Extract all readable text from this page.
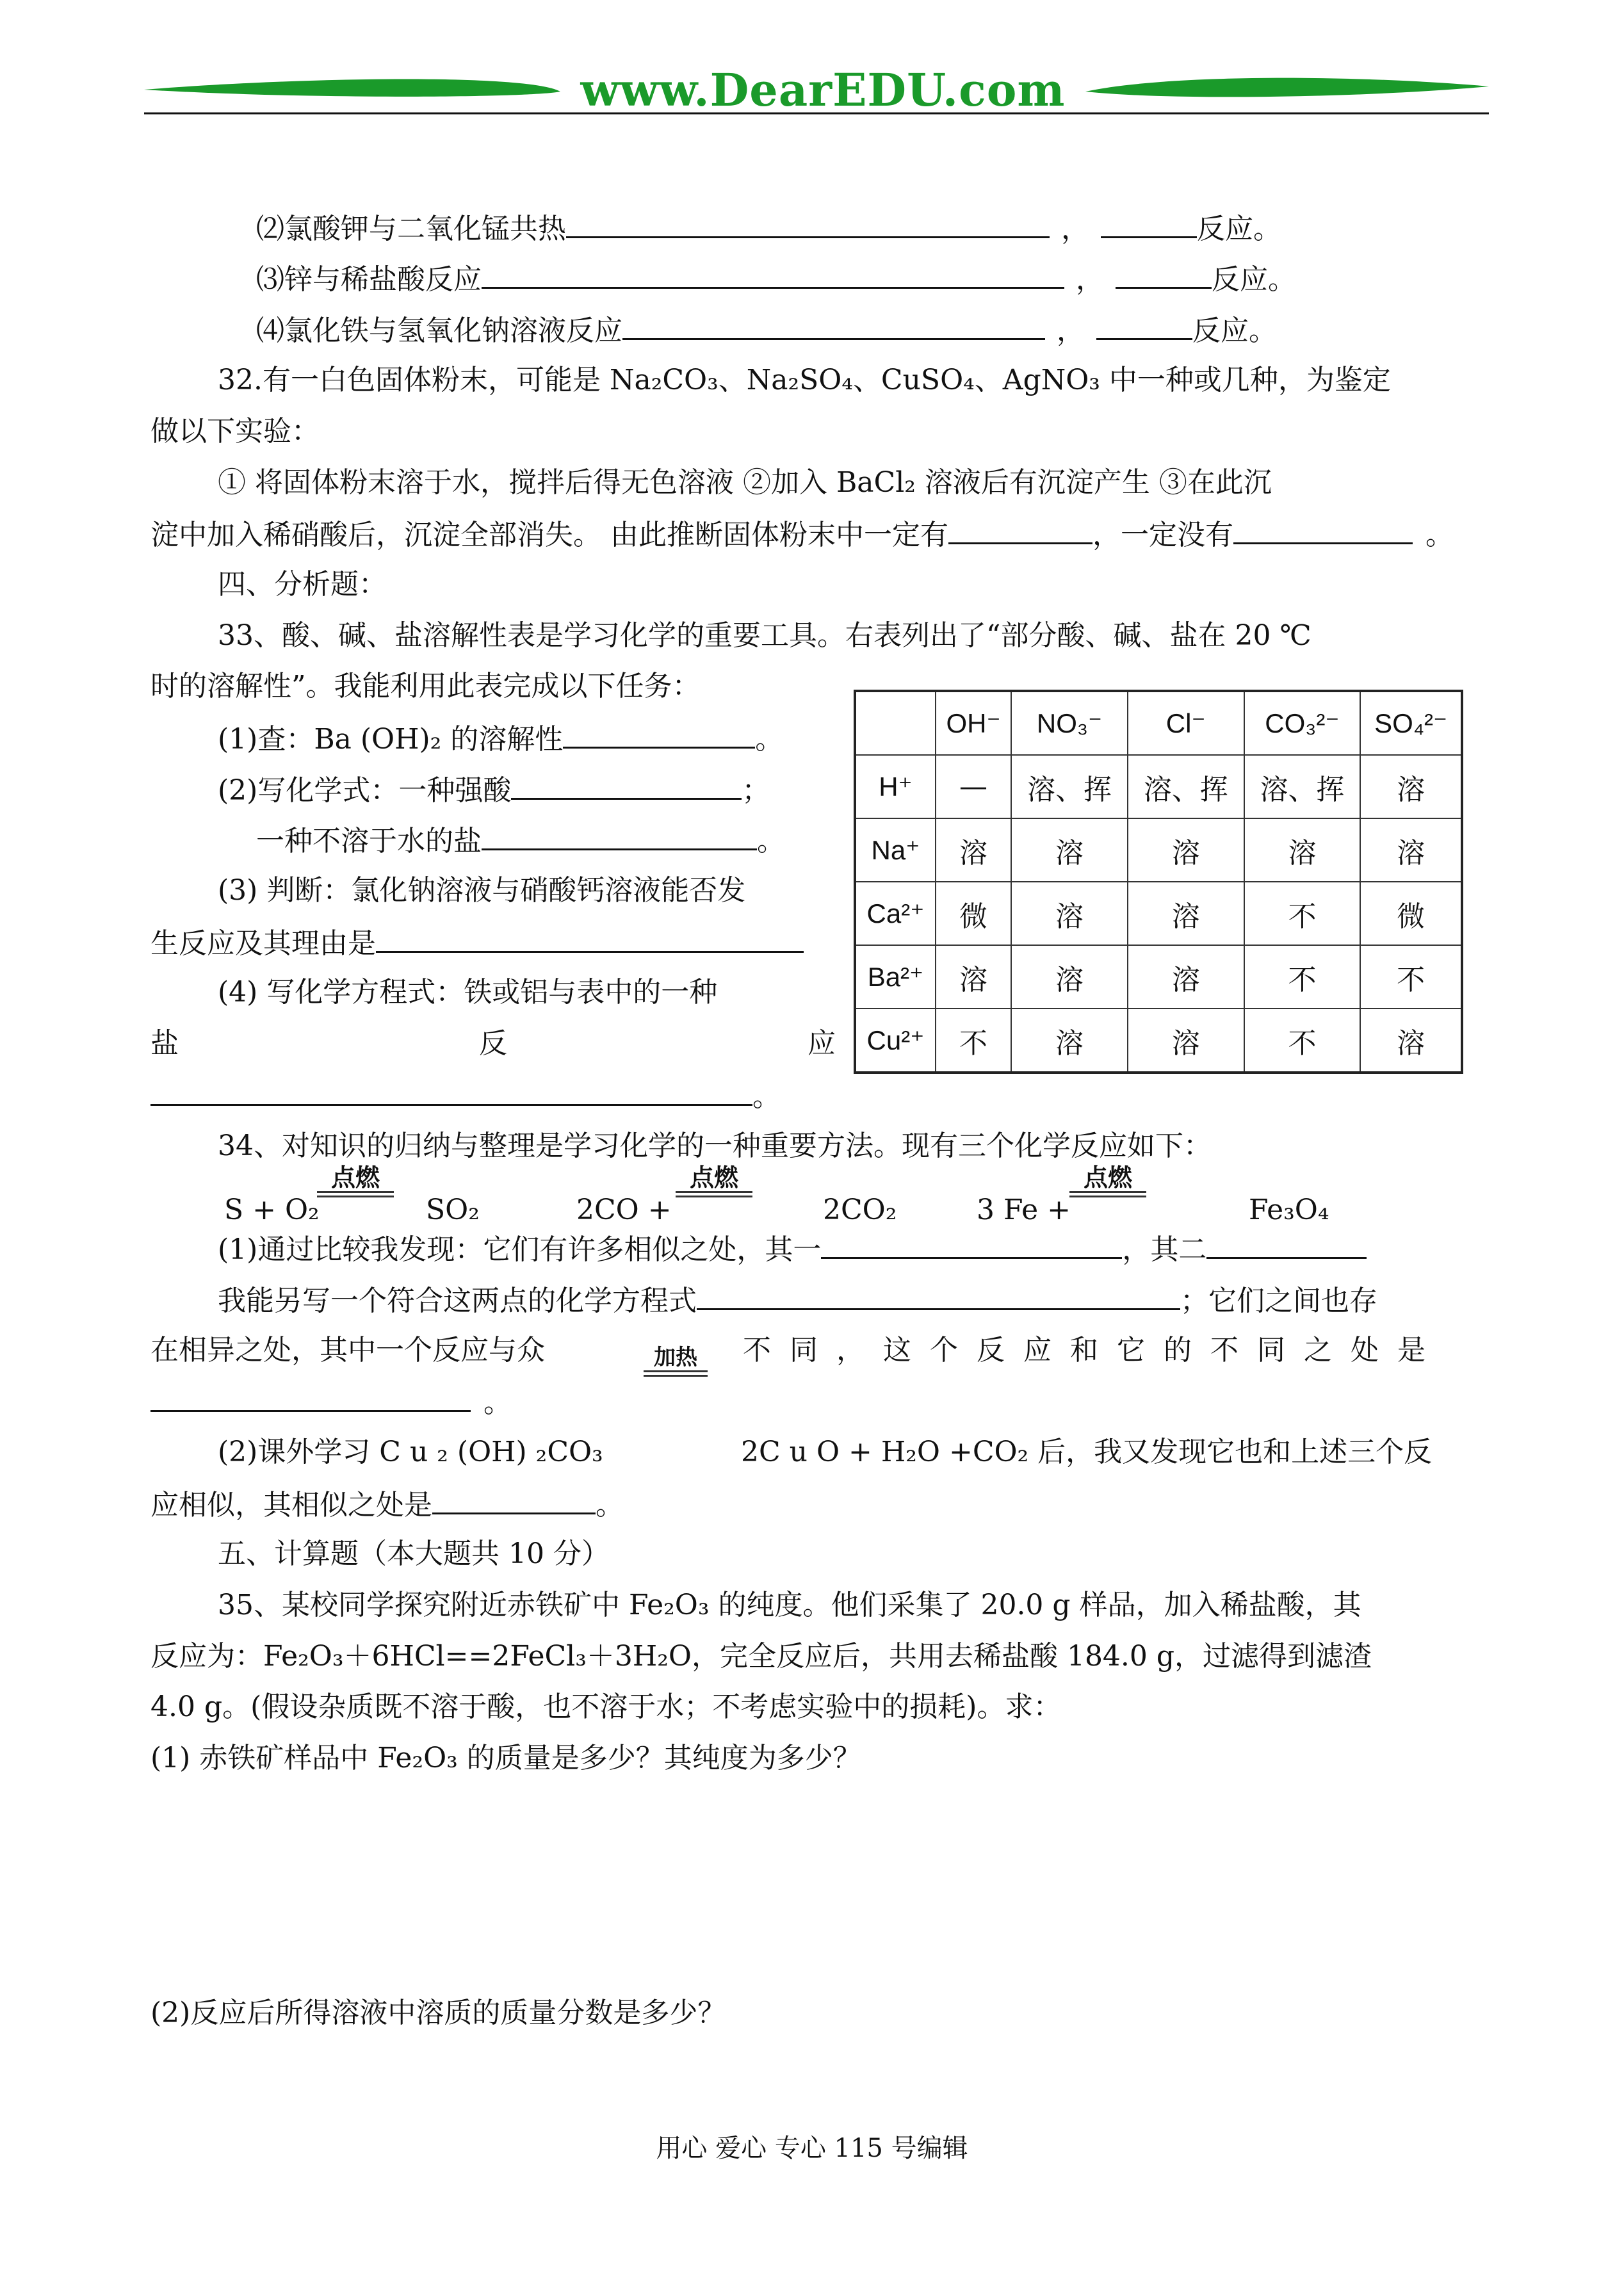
www.DearEDU.com
⑵氯酸钾与二氧化锰共热	，	反应。
⑶锌与稀盐酸反应	，	反应。
⑷氯化铁与氢氧化钠溶液反应	，	反应。
32.有一白色固体粉末，可能是 Na₂CO₃、Na₂SO₄、CuSO₄、AgNO₃ 中一种或几种，为鉴定
做以下实验：
① 将固体粉末溶于水，搅拌后得无色溶液 ②加入 BaCl₂ 溶液后有沉淀产生 ③在此沉
淀中加入稀硝酸后，沉淀全部消失。 由此推断固体粉末中一定有	，一定没有	。
四、分析题：
33、酸、碱、盐溶解性表是学习化学的重要工具。右表列出了“部分酸、碱、盐在 20 ℃
时的溶解性”。我能利用此表完成以下任务：
(1)查：Ba (OH)₂ 的溶解性	。
(2)写化学式：一种强酸	；
一种不溶于水的盐	。
(3) 判断：氯化钠溶液与硝酸钙溶液能否发
生反应及其理由是
(4) 写化学方程式：铁或铝与表中的一种
盐	反	应
。
	OH⁻	NO₃⁻	Cl⁻	CO₃²⁻	SO₄²⁻
H⁺	—	溶、挥	溶、挥	溶、挥	溶
Na⁺	溶	溶	溶	溶	溶
Ca²⁺	微	溶	溶	不	微
Ba²⁺	溶	溶	溶	不	不
Cu²⁺	不	溶	溶	不	溶
34、对知识的归纳与整理是学习化学的一种重要方法。现有三个化学反应如下：
S + O₂
点燃
SO₂	2CO +
点燃
2CO₂	3 Fe +
点燃
Fe₃O₄
(1)通过比较我发现：它们有许多相似之处，其一	，其二
我能另写一个符合这两点的化学方程式	；它们之间也存
在相异之处，其中一个反应与众	加热	不同，这个反应和它的不同之处是
。
(2)课外学习 C u ₂ (OH) ₂CO₃	2C u O + H₂O +CO₂ 后，我又发现它也和上述三个反
应相似，其相似之处是	。
五、计算题（本大题共 10 分）
35、某校同学探究附近赤铁矿中 Fe₂O₃ 的纯度。他们采集了 20.0 g 样品，加入稀盐酸，其
反应为：Fe₂O₃＋6HCl==2FeCl₃＋3H₂O，完全反应后，共用去稀盐酸 184.0 g，过滤得到滤渣
4.0 g。(假设杂质既不溶于酸，也不溶于水；不考虑实验中的损耗)。求：
(1) 赤铁矿样品中 Fe₂O₃ 的质量是多少？其纯度为多少？
(2)反应后所得溶液中溶质的质量分数是多少？
用心 爱心 专心 115 号编辑
